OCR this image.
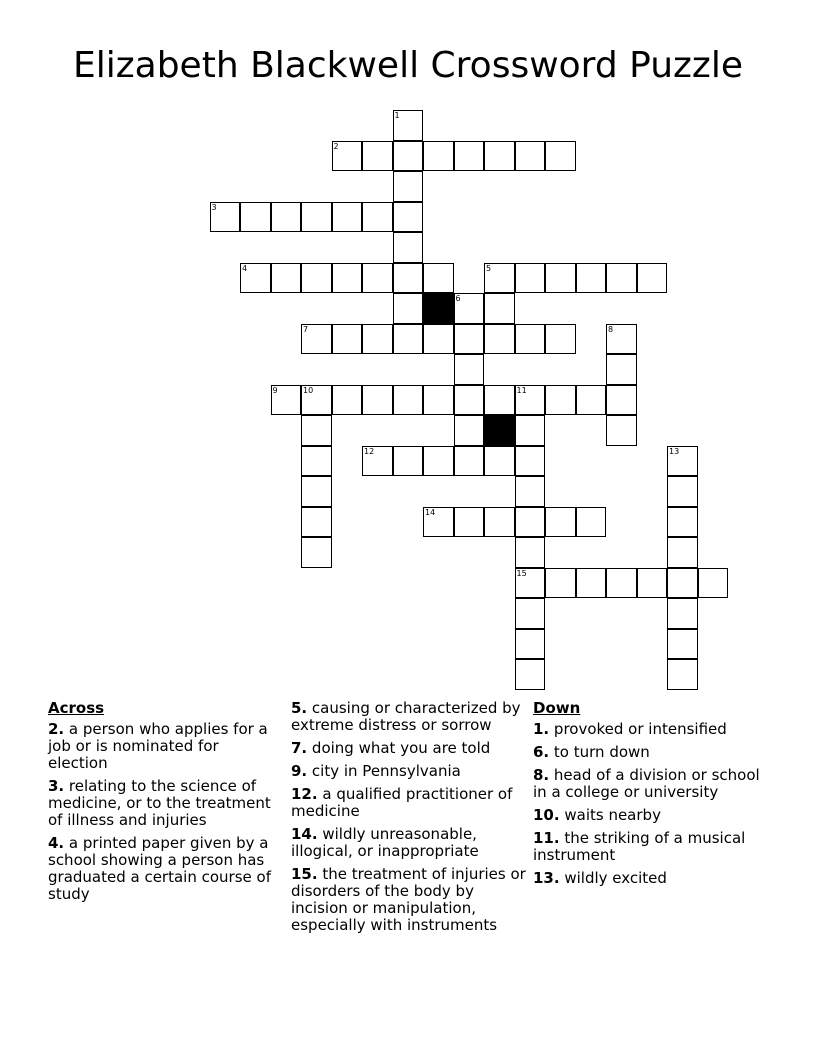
Elizabeth Blackwell Crossword Puzzle
1
2
3
4	5
6
7	8
9	10	11
12	13
14
15
Across
2. a person who applies for a job or is nominated for election
3. relating to the science of medicine, or to the treatment of illness and injuries
4. a printed paper given by a school showing a person has graduated a certain course of study
5. causing or characterized by extreme distress or sorrow
7. doing what you are told
9. city in Pennsylvania
12. a qualified practitioner of medicine
14. wildly unreasonable, illogical, or inappropriate
15. the treatment of injuries or disorders of the body by incision or manipulation, especially with instruments
Down
1. provoked or intensified
6. to turn down
8. head of a division or school in a college or university
10. waits nearby
11. the striking of a musical instrument
13. wildly excited
